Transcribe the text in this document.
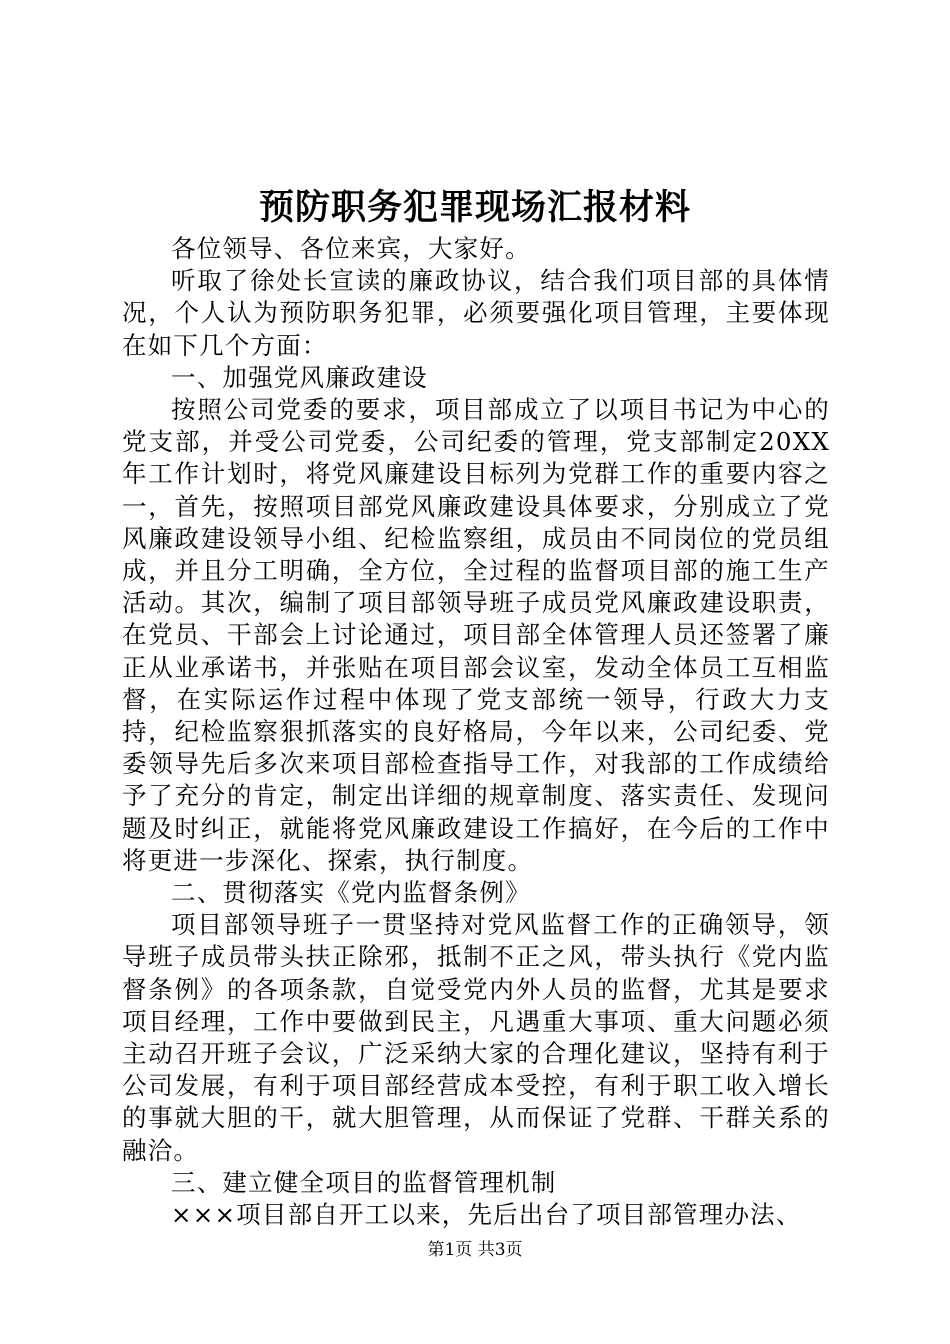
预防职务犯罪现场汇报材料

各位领导、各位来宾，大家好。

听取了徐处长宣读的廉政协议，结合我们项目部的具体情况，个人认为预防职务犯罪，必须要强化项目管理，主要体现在如下几个方面：

一、加强党风廉政建设

按照公司党委的要求，项目部成立了以项目书记为中心的党支部，并受公司党委，公司纪委的管理，党支部制定20XX年工作计划时，将党风廉建设目标列为党群工作的重要内容之一，首先，按照项目部党风廉政建设具体要求，分别成立了党风廉政建设领导小组、纪检监察组，成员由不同岗位的党员组成，并且分工明确，全方位，全过程的监督项目部的施工生产活动。其次，编制了项目部领导班子成员党风廉政建设职责，在党员、干部会上讨论通过，项目部全体管理人员还签署了廉正从业承诺书，并张贴在项目部会议室，发动全体员工互相监督，在实际运作过程中体现了党支部统一领导，行政大力支持，纪检监察狠抓落实的良好格局，今年以来，公司纪委、党委领导先后多次来项目部检查指导工作，对我部的工作成绩给予了充分的肯定，制定出详细的规章制度、落实责任、发现问题及时纠正，就能将党风廉政建设工作搞好，在今后的工作中将更进一步深化、探索，执行制度。

二、贯彻落实《党内监督条例》

项目部领导班子一贯坚持对党风监督工作的正确领导，领导班子成员带头扶正除邪，抵制不正之风，带头执行《党内监督条例》的各项条款，自觉受党内外人员的监督，尤其是要求项目经理，工作中要做到民主，凡遇重大事项、重大问题必须主动召开班子会议，广泛采纳大家的合理化建议，坚持有利于公司发展，有利于项目部经营成本受控，有利于职工收入增长的事就大胆的干，就大胆管理，从而保证了党群、干群关系的融洽。

三、建立健全项目的监督管理机制

×××项目部自开工以来，先后出台了项目部管理办法、

第1页 共3页
